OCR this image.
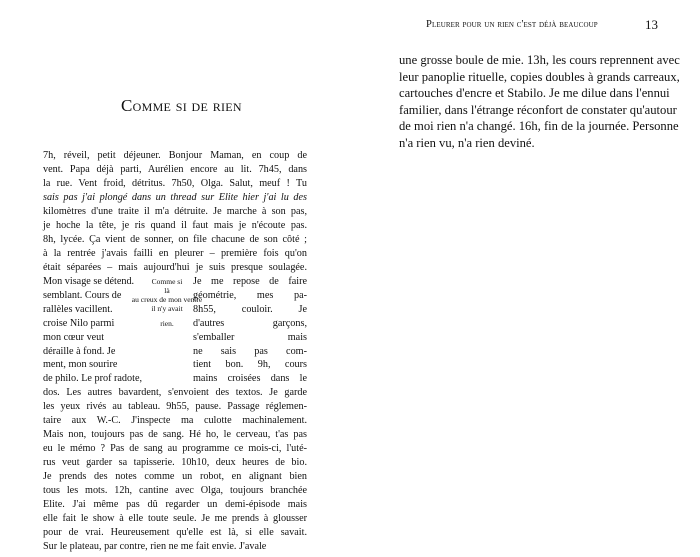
Pleurer pour un rien c'est déjà beaucoup	13
Comme si de rien
7h, réveil, petit déjeuner. Bonjour Maman, en coup de
vent. Papa déjà parti, Aurélien encore au lit. 7h45, dans
la rue. Vent froid, détritus. 7h50, Olga. Salut, meuf ! Tu
sais pas j'ai plongé dans un thread sur Elite hier j'ai lu des
kilomètres d'une traite il m'a détruite. Je marche à son pas,
je hoche la tête, je ris quand il faut mais je n'écoute pas.
8h, lycée. Ça vient de sonner, on file chacune de son côté ;
à la rentrée j'avais failli en pleurer – première fois qu'on
était séparées – mais aujourd'hui je suis presque soulagée.
Mon visage se détend.	Je me repose de faire
semblant. Cours de	géométrie, mes pa-
rallèles vacillent.	8h55, couloir. Je
croise Nilo parmi	d'autres garçons,
mon cœur veut	s'emballer mais
déraille à fond. Je	ne sais pas com-
ment, mon sourire	tient bon. 9h, cours
de philo. Le prof radote,	mains croisées dans le
dos. Les autres bavardent, s'envoient des textos. Je garde
les yeux rivés au tableau. 9h55, pause. Passage réglemen-
taire aux W.-C. J'inspecte ma culotte machinalement.
Mais non, toujours pas de sang. Hé ho, le cerveau, t'as pas
eu le mémo ? Pas de sang au programme ce mois-ci, l'uté-
rus veut garder sa tapisserie. 10h10, deux heures de bio.
Je prends des notes comme un robot, en alignant bien
tous les mots. 12h, cantine avec Olga, toujours branchée
Elite. J'ai même pas dû regarder un demi-épisode mais
elle fait le show à elle toute seule. Je me prends à glousser
pour de vrai. Heureusement qu'elle est là, si elle savait.
Sur le plateau, par contre, rien ne me fait envie. J'avale
Comme si
là
au creux de mon ventre
il n'y avait
rien.
une grosse boule de mie. 13h, les cours reprennent avec
leur panoplie rituelle, copies doubles à grands carreaux,
cartouches d'encre et Stabilo. Je me dilue dans l'ennui
familier, dans l'étrange réconfort de constater qu'autour
de moi rien n'a changé. 16h, fin de la journée. Personne
n'a rien vu, n'a rien deviné.
